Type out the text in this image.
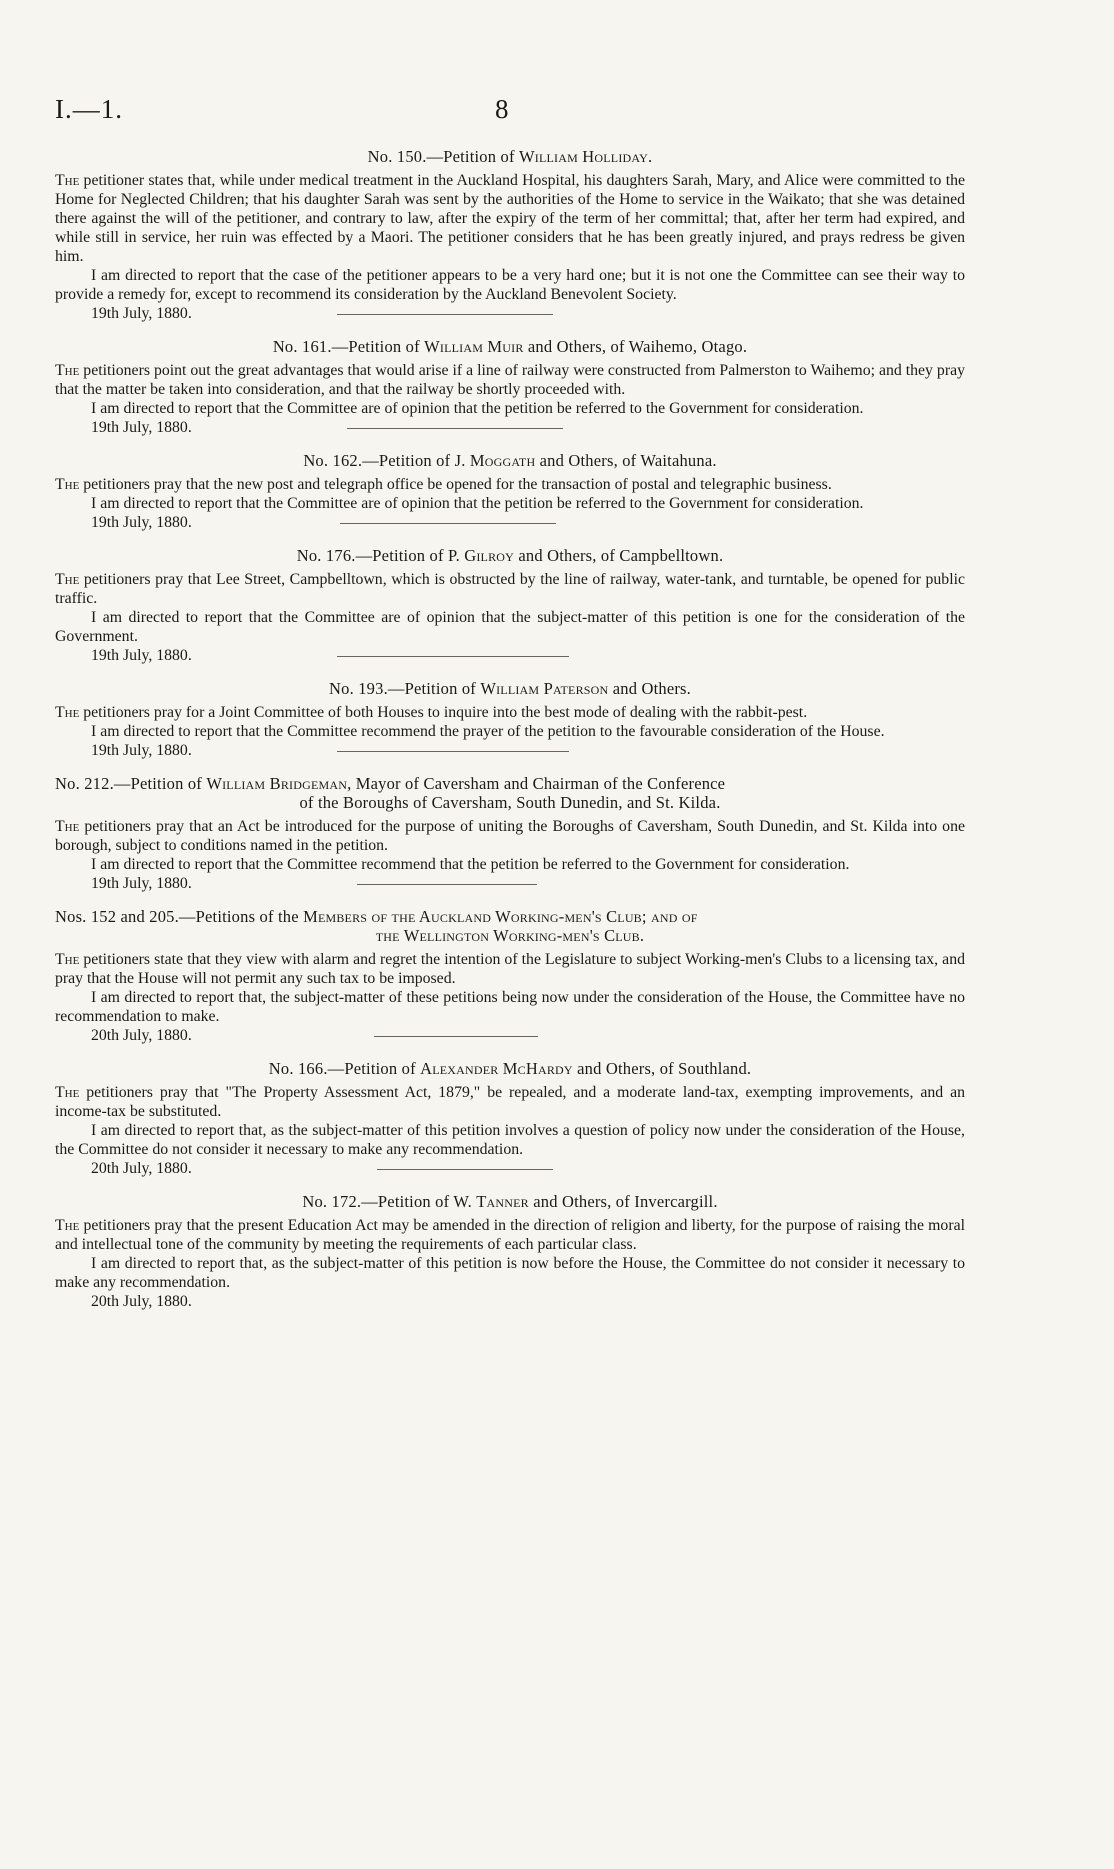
I.—1.	8

No. 150.—Petition of William Holliday.

The petitioner states that, while under medical treatment in the Auckland Hospital, his daughters Sarah, Mary, and Alice were committed to the Home for Neglected Children; that his daughter Sarah was sent by the authorities of the Home to service in the Waikato; that she was detained there against the will of the petitioner, and contrary to law, after the expiry of the term of her committal; that, after her term had expired, and while still in service, her ruin was effected by a Maori. The petitioner considers that he has been greatly injured, and prays redress be given him.

I am directed to report that the case of the petitioner appears to be a very hard one; but it is not one the Committee can see their way to provide a remedy for, except to recommend its consideration by the Auckland Benevolent Society.

19th July, 1880.

No. 161.—Petition of William Muir and Others, of Waihemo, Otago.

The petitioners point out the great advantages that would arise if a line of railway were constructed from Palmerston to Waihemo; and they pray that the matter be taken into consideration, and that the railway be shortly proceeded with.

I am directed to report that the Committee are of opinion that the petition be referred to the Government for consideration.

19th July, 1880.

No. 162.—Petition of J. Moggath and Others, of Waitahuna.

The petitioners pray that the new post and telegraph office be opened for the transaction of postal and telegraphic business.

I am directed to report that the Committee are of opinion that the petition be referred to the Government for consideration.

19th July, 1880.

No. 176.—Petition of P. Gilroy and Others, of Campbelltown.

The petitioners pray that Lee Street, Campbelltown, which is obstructed by the line of railway, water-tank, and turntable, be opened for public traffic.

I am directed to report that the Committee are of opinion that the subject-matter of this petition is one for the consideration of the Government.

19th July, 1880.

No. 193.—Petition of William Paterson and Others.

The petitioners pray for a Joint Committee of both Houses to inquire into the best mode of dealing with the rabbit-pest.

I am directed to report that the Committee recommend the prayer of the petition to the favourable consideration of the House.

19th July, 1880.

No. 212.—Petition of William Bridgeman, Mayor of Caversham and Chairman of the Conference
of the Boroughs of Caversham, South Dunedin, and St. Kilda.

The petitioners pray that an Act be introduced for the purpose of uniting the Boroughs of Caversham, South Dunedin, and St. Kilda into one borough, subject to conditions named in the petition.

I am directed to report that the Committee recommend that the petition be referred to the Government for consideration.

19th July, 1880.

Nos. 152 and 205.—Petitions of the Members of the Auckland Working-men's Club; and of
the Wellington Working-men's Club.

The petitioners state that they view with alarm and regret the intention of the Legislature to subject Working-men's Clubs to a licensing tax, and pray that the House will not permit any such tax to be imposed.

I am directed to report that, the subject-matter of these petitions being now under the consideration of the House, the Committee have no recommendation to make.

20th July, 1880.

No. 166.—Petition of Alexander McHardy and Others, of Southland.

The petitioners pray that "The Property Assessment Act, 1879," be repealed, and a moderate land-tax, exempting improvements, and an income-tax be substituted.

I am directed to report that, as the subject-matter of this petition involves a question of policy now under the consideration of the House, the Committee do not consider it necessary to make any recommendation.

20th July, 1880.

No. 172.—Petition of W. Tanner and Others, of Invercargill.

The petitioners pray that the present Education Act may be amended in the direction of religion and liberty, for the purpose of raising the moral and intellectual tone of the community by meeting the requirements of each particular class.

I am directed to report that, as the subject-matter of this petition is now before the House, the Committee do not consider it necessary to make any recommendation.

20th July, 1880.
